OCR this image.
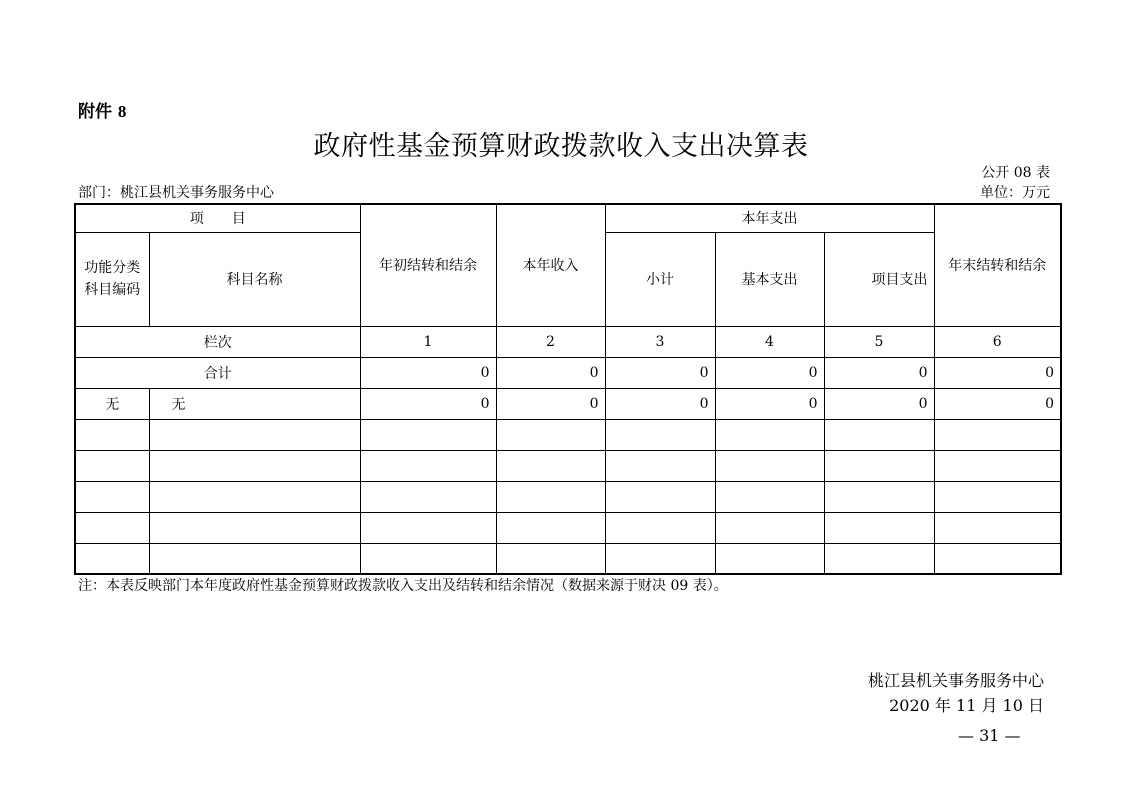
附件 8
政府性基金预算财政拨款收入支出决算表
公开 08 表
部门：桃江县机关事务服务中心	单位：万元
项　　目		年初结转和结余	本年收入	本年支出			年末结转和结余
功能分类科目编码	科目名称			小计	基本支出	项目支出	
栏次		1	2	3	4	5	6
合计		0	0	0	0	0	0
无	无	0	0	0	0	0	0

注：本表反映部门本年度政府性基金预算财政拨款收入支出及结转和结余情况（数据来源于财决 09 表）。
桃江县机关事务服务中心
2020 年 11 月 10 日
— 31 —
